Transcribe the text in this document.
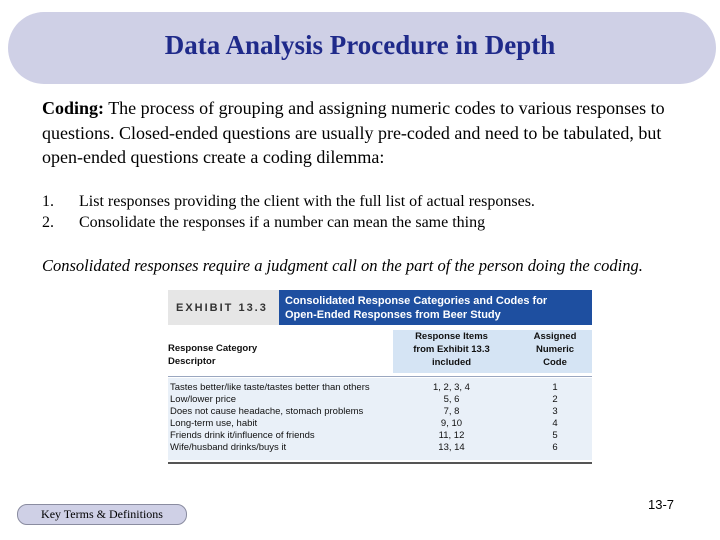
Data Analysis Procedure in Depth
Coding: The process of grouping and assigning numeric codes to various responses to questions. Closed-ended questions are usually pre-coded and need to be tabulated, but open-ended questions create a coding dilemma:
1.	List responses providing the client with the full list of actual responses.
2.	Consolidate the responses if a number can mean the same thing
Consolidated responses require a judgment call on the part of the person doing the coding.
EXHIBIT 13.3
Consolidated Response Categories and Codes for
Open-Ended Responses from Beer Study
Response Category
Descriptor
Response Items
from Exhibit 13.3
included
Assigned
Numeric
Code
Tastes better/like taste/tastes better than others	1, 2, 3, 4	1
Low/lower price	5, 6	2
Does not cause headache, stomach problems	7, 8	3
Long-term use, habit	9, 10	4
Friends drink it/influence of friends	11, 12	5
Wife/husband drinks/buys it	13, 14	6
Key Terms & Definitions
13-7
